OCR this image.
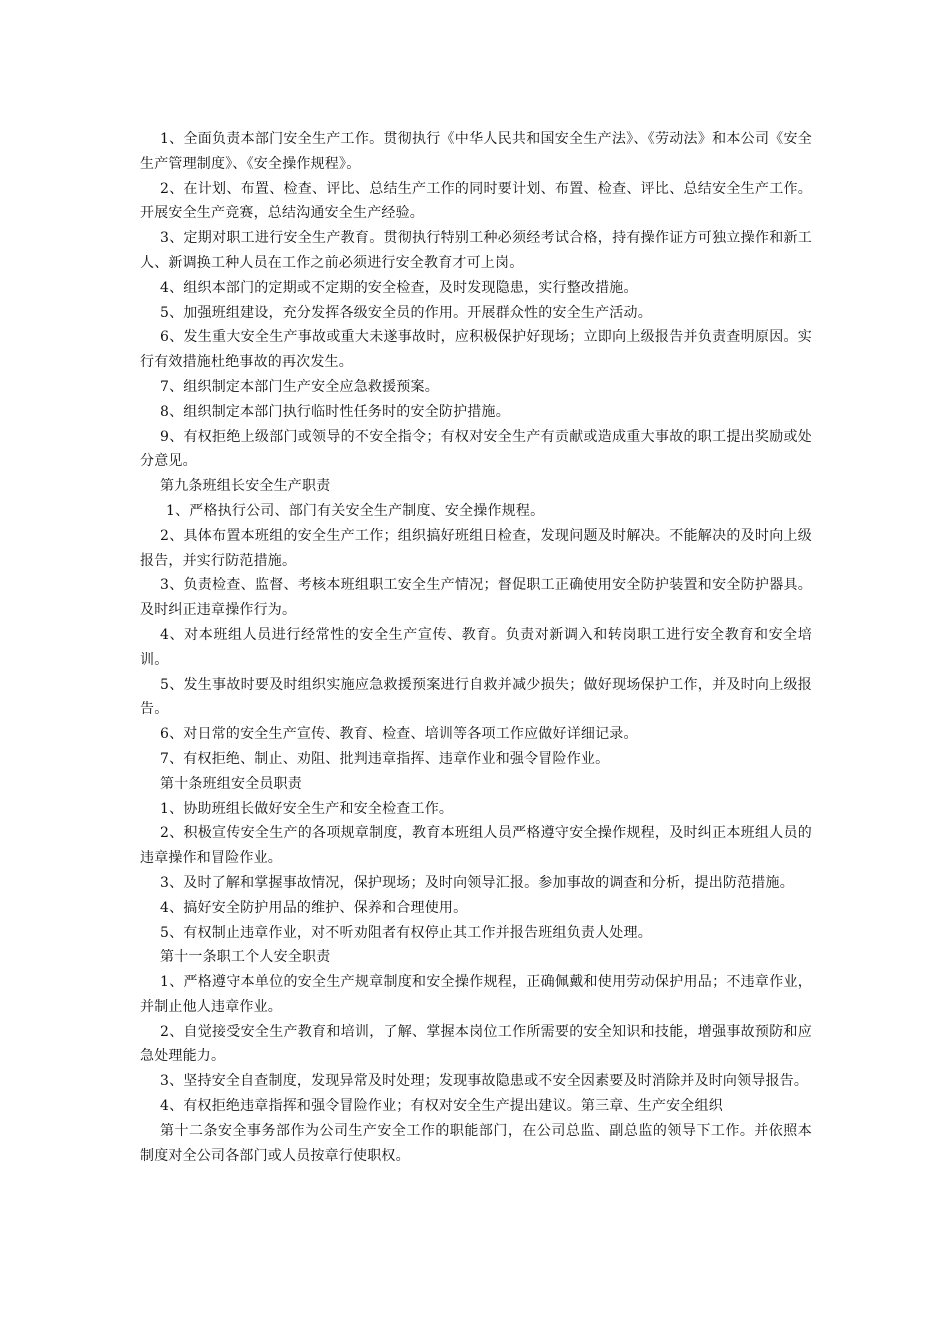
1、全面负责本部门安全生产工作。贯彻执行《中华人民共和国安全生产法》、《劳动法》和本公司《安全生产管理制度》、《安全操作规程》。

2、在计划、布置、检查、评比、总结生产工作的同时要计划、布置、检查、评比、总结安全生产工作。开展安全生产竞赛，总结沟通安全生产经验。

3、定期对职工进行安全生产教育。贯彻执行特别工种必须经考试合格，持有操作证方可独立操作和新工人、新调换工种人员在工作之前必须进行安全教育才可上岗。

4、组织本部门的定期或不定期的安全检查，及时发现隐患，实行整改措施。

5、加强班组建设，充分发挥各级安全员的作用。开展群众性的安全生产活动。

6、发生重大安全生产事故或重大未遂事故时，应积极保护好现场；立即向上级报告并负责查明原因。实行有效措施杜绝事故的再次发生。

7、组织制定本部门生产安全应急救援预案。

8、组织制定本部门执行临时性任务时的安全防护措施。

9、有权拒绝上级部门或领导的不安全指令；有权对安全生产有贡献或造成重大事故的职工提出奖励或处分意见。

第九条班组长安全生产职责

1、严格执行公司、部门有关安全生产制度、安全操作规程。

2、具体布置本班组的安全生产工作；组织搞好班组日检查，发现问题及时解决。不能解决的及时向上级报告，并实行防范措施。

3、负责检查、监督、考核本班组职工安全生产情况；督促职工正确使用安全防护装置和安全防护器具。及时纠正违章操作行为。

4、对本班组人员进行经常性的安全生产宣传、教育。负责对新调入和转岗职工进行安全教育和安全培训。

5、发生事故时要及时组织实施应急救援预案进行自救并减少损失；做好现场保护工作，并及时向上级报告。

6、对日常的安全生产宣传、教育、检查、培训等各项工作应做好详细记录。

7、有权拒绝、制止、劝阻、批判违章指挥、违章作业和强令冒险作业。

第十条班组安全员职责

1、协助班组长做好安全生产和安全检查工作。

2、积极宣传安全生产的各项规章制度，教育本班组人员严格遵守安全操作规程，及时纠正本班组人员的违章操作和冒险作业。

3、及时了解和掌握事故情况，保护现场；及时向领导汇报。参加事故的调查和分析，提出防范措施。

4、搞好安全防护用品的维护、保养和合理使用。

5、有权制止违章作业，对不听劝阻者有权停止其工作并报告班组负责人处理。

第十一条职工个人安全职责

1、严格遵守本单位的安全生产规章制度和安全操作规程，正确佩戴和使用劳动保护用品；不违章作业，并制止他人违章作业。

2、自觉接受安全生产教育和培训，了解、掌握本岗位工作所需要的安全知识和技能，增强事故预防和应急处理能力。

3、坚持安全自查制度，发现异常及时处理；发现事故隐患或不安全因素要及时消除并及时向领导报告。

4、有权拒绝违章指挥和强令冒险作业；有权对安全生产提出建议。第三章、生产安全组织

第十二条安全事务部作为公司生产安全工作的职能部门，在公司总监、副总监的领导下工作。并依照本制度对全公司各部门或人员按章行使职权。
